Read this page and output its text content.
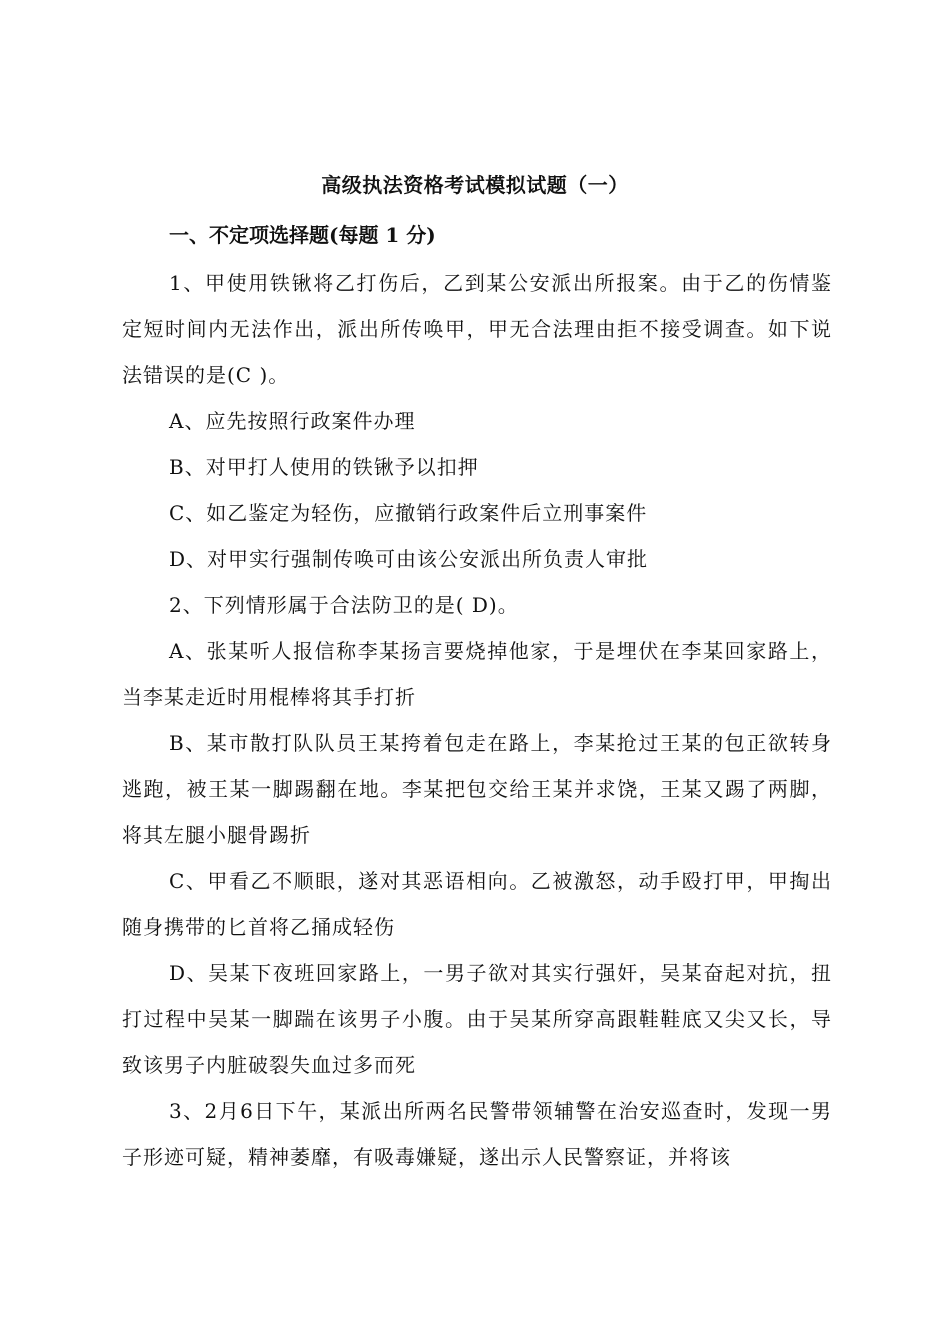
高级执法资格考试模拟试题（一）
一、不定项选择题(每题 1 分)

1、甲使用铁锹将乙打伤后，乙到某公安派出所报案。由于乙的伤情鉴定短时间内无法作出，派出所传唤甲，甲无合法理由拒不接受调查。如下说法错误的是(C )。

A、应先按照行政案件办理

B、对甲打人使用的铁锹予以扣押

C、如乙鉴定为轻伤，应撤销行政案件后立刑事案件

D、对甲实行强制传唤可由该公安派出所负责人审批

2、下列情形属于合法防卫的是( D)。

A、张某听人报信称李某扬言要烧掉他家，于是埋伏在李某回家路上，当李某走近时用棍棒将其手打折

B、某市散打队队员王某挎着包走在路上，李某抢过王某的包正欲转身逃跑，被王某一脚踢翻在地。李某把包交给王某并求饶，王某又踢了两脚，将其左腿小腿骨踢折

C、甲看乙不顺眼，遂对其恶语相向。乙被激怒，动手殴打甲，甲掏出随身携带的匕首将乙捅成轻伤

D、吴某下夜班回家路上，一男子欲对其实行强奸，吴某奋起对抗，扭打过程中吴某一脚踹在该男子小腹。由于吴某所穿高跟鞋鞋底又尖又长，导致该男子内脏破裂失血过多而死

3、2月6日下午，某派出所两名民警带领辅警在治安巡查时，发现一男子形迹可疑，精神萎靡，有吸毒嫌疑，遂出示人民警察证，并将该
